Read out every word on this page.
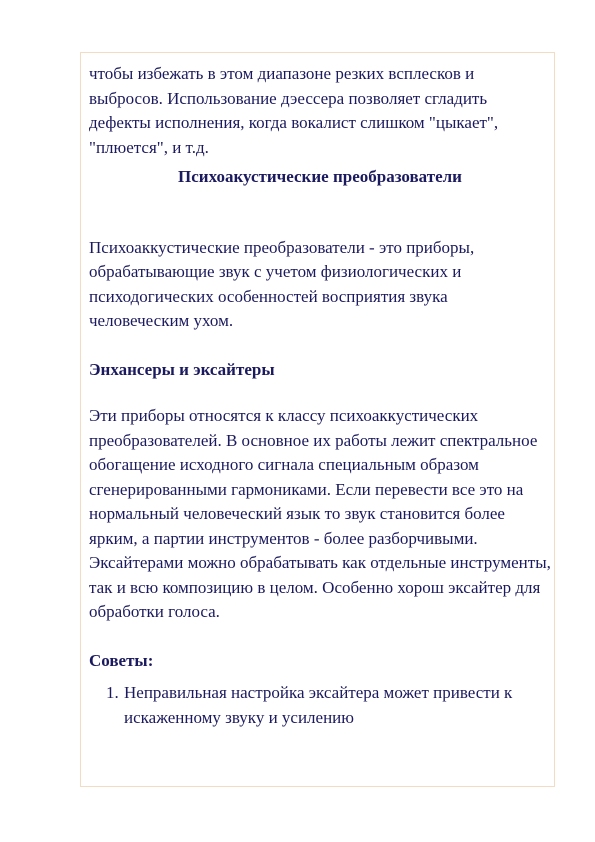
чтобы избежать в этом диапазоне резких всплесков и выбросов. Использование дэессера позволяет сгладить дефекты исполнения, когда вокалист слишком "цыкает", "плюется", и т.д.

Психоакустические преобразователи

Психоаккустические преобразователи - это приборы, обрабатывающие звук с учетом физиологических и психодогических особенностей восприятия звука человеческим ухом.

Энхансеры и эксайтеры

Эти приборы относятся к классу психоаккустических преобразователей. В основное их работы лежит спектральное обогащение исходного сигнала специальным образом сгенерированными гармониками. Если перевести все это на нормальный человеческий язык то звук становится более ярким, а партии инструментов - более разборчивыми. Эксайтерами можно обрабатывать как отдельные инструменты, так и всю композицию в целом. Особенно хорош эксайтер для обработки голоса.

Советы:

1. Неправильная настройка эксайтера может привести к искаженному звуку и усилению
